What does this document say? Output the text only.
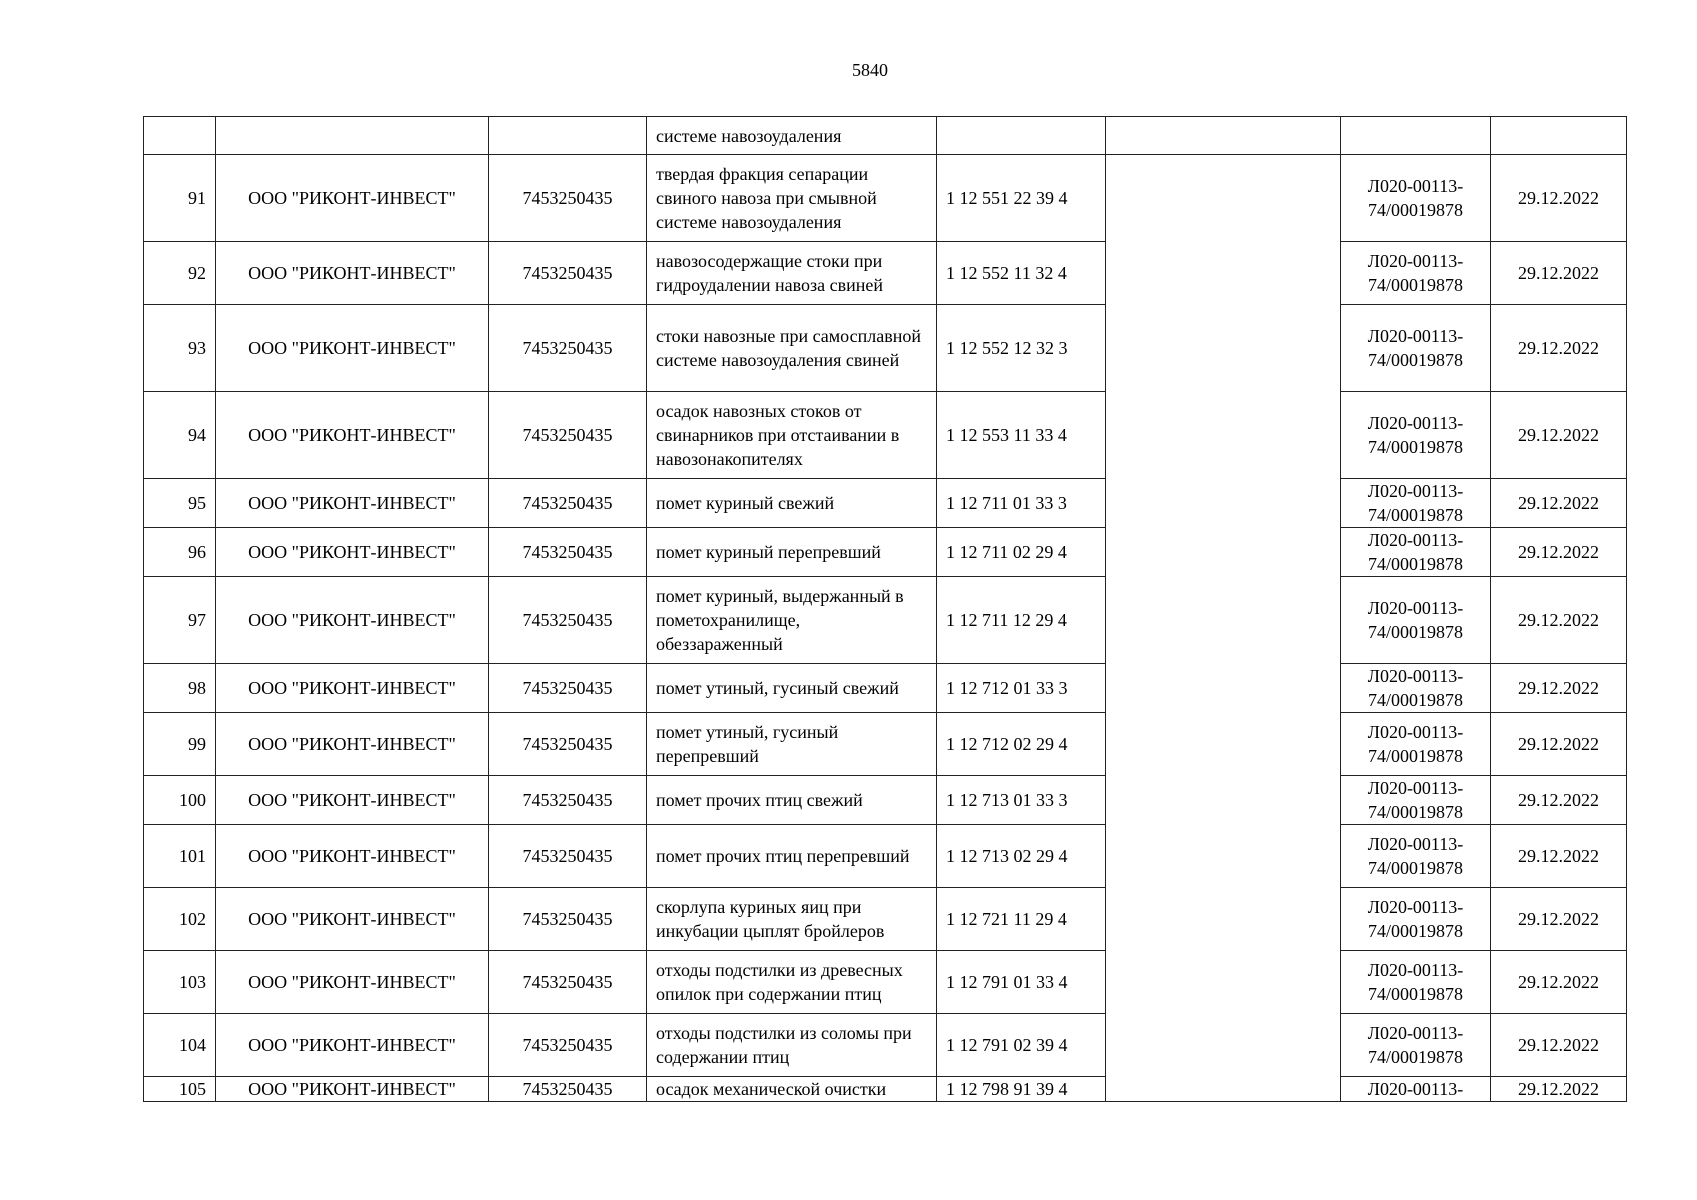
5840
			системе навозоудаления				
91	ООО "РИКОНТ-ИНВЕСТ"	7453250435	твердая фракция сепарации свиного навоза при смывной системе навозоудаления	1 12 551 22 39 4		Л020-00113-
74/00019878	29.12.2022
92	ООО "РИКОНТ-ИНВЕСТ"	7453250435	навозосодержащие стоки при гидроудалении навоза свиней	1 12 552 11 32 4		Л020-00113-
74/00019878	29.12.2022
93	ООО "РИКОНТ-ИНВЕСТ"	7453250435	стоки навозные при самосплавной системе навозоудаления свиней	1 12 552 12 32 3		Л020-00113-
74/00019878	29.12.2022
94	ООО "РИКОНТ-ИНВЕСТ"	7453250435	осадок навозных стоков от свинарников при отстаивании в навозонакопителях	1 12 553 11 33 4		Л020-00113-
74/00019878	29.12.2022
95	ООО "РИКОНТ-ИНВЕСТ"	7453250435	помет куриный свежий	1 12 711 01 33 3		Л020-00113-
74/00019878	29.12.2022
96	ООО "РИКОНТ-ИНВЕСТ"	7453250435	помет куриный перепревший	1 12 711 02 29 4		Л020-00113-
74/00019878	29.12.2022
97	ООО "РИКОНТ-ИНВЕСТ"	7453250435	помет куриный, выдержанный в пометохранилище, обеззараженный	1 12 711 12 29 4		Л020-00113-
74/00019878	29.12.2022
98	ООО "РИКОНТ-ИНВЕСТ"	7453250435	помет утиный, гусиный свежий	1 12 712 01 33 3		Л020-00113-
74/00019878	29.12.2022
99	ООО "РИКОНТ-ИНВЕСТ"	7453250435	помет утиный, гусиный перепревший	1 12 712 02 29 4		Л020-00113-
74/00019878	29.12.2022
100	ООО "РИКОНТ-ИНВЕСТ"	7453250435	помет прочих птиц свежий	1 12 713 01 33 3		Л020-00113-
74/00019878	29.12.2022
101	ООО "РИКОНТ-ИНВЕСТ"	7453250435	помет прочих птиц перепревший	1 12 713 02 29 4		Л020-00113-
74/00019878	29.12.2022
102	ООО "РИКОНТ-ИНВЕСТ"	7453250435	скорлупа куриных яиц при инкубации цыплят бройлеров	1 12 721 11 29 4		Л020-00113-
74/00019878	29.12.2022
103	ООО "РИКОНТ-ИНВЕСТ"	7453250435	отходы подстилки из древесных опилок при содержании птиц	1 12 791 01 33 4		Л020-00113-
74/00019878	29.12.2022
104	ООО "РИКОНТ-ИНВЕСТ"	7453250435	отходы подстилки из соломы при содержании птиц	1 12 791 02 39 4		Л020-00113-
74/00019878	29.12.2022
105	ООО "РИКОНТ-ИНВЕСТ"	7453250435	осадок механической очистки	1 12 798 91 39 4		Л020-00113-	29.12.2022
